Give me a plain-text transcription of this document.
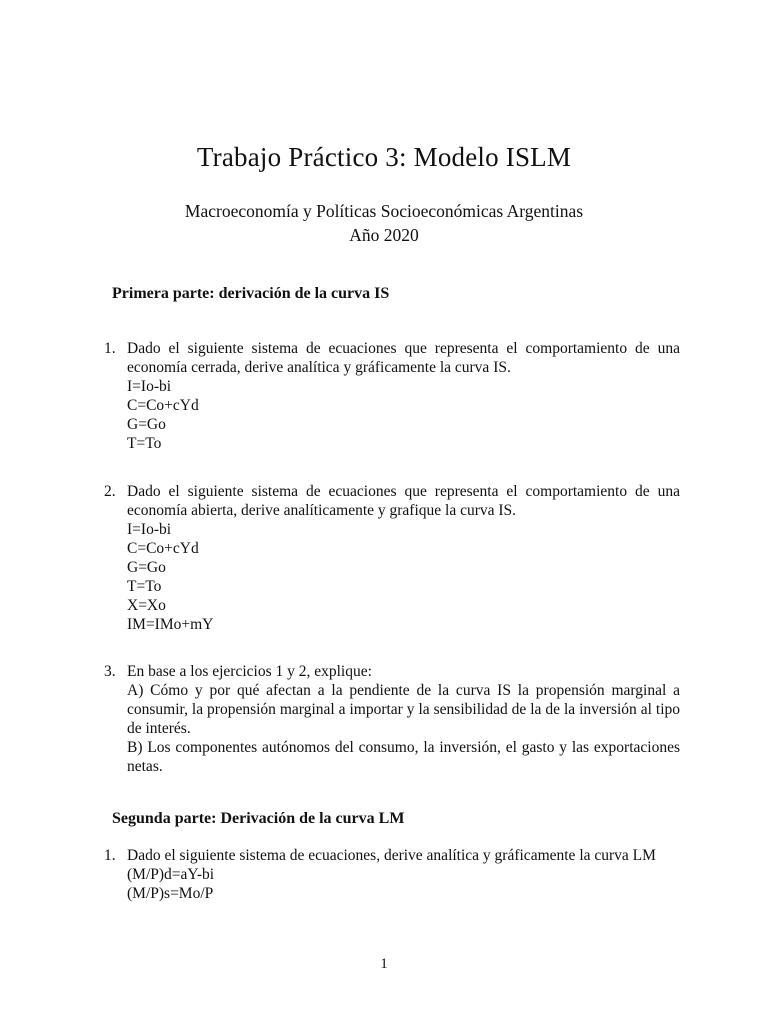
Trabajo Práctico 3: Modelo ISLM
Macroeconomía y Políticas Socioeconómicas Argentinas
Año 2020
Primera parte: derivación de la curva IS
1. Dado el siguiente sistema de ecuaciones que representa el comportamiento de una economía cerrada, derive analítica y gráficamente la curva IS.
I=Io-bi
C=Co+cYd
G=Go
T=To
2. Dado el siguiente sistema de ecuaciones que representa el comportamiento de una economía abierta, derive analíticamente y grafique la curva IS.
I=Io-bi
C=Co+cYd
G=Go
T=To
X=Xo
IM=IMo+mY
3. En base a los ejercicios 1 y 2, explique:
A) Cómo y por qué afectan a la pendiente de la curva IS la propensión marginal a consumir, la propensión marginal a importar y la sensibilidad de la de la inversión al tipo de interés.
B) Los componentes autónomos del consumo, la inversión, el gasto y las exportaciones netas.
Segunda parte: Derivación de la curva LM
1. Dado el siguiente sistema de ecuaciones, derive analítica y gráficamente la curva LM
(M/P)d=aY-bi
(M/P)s=Mo/P
1
